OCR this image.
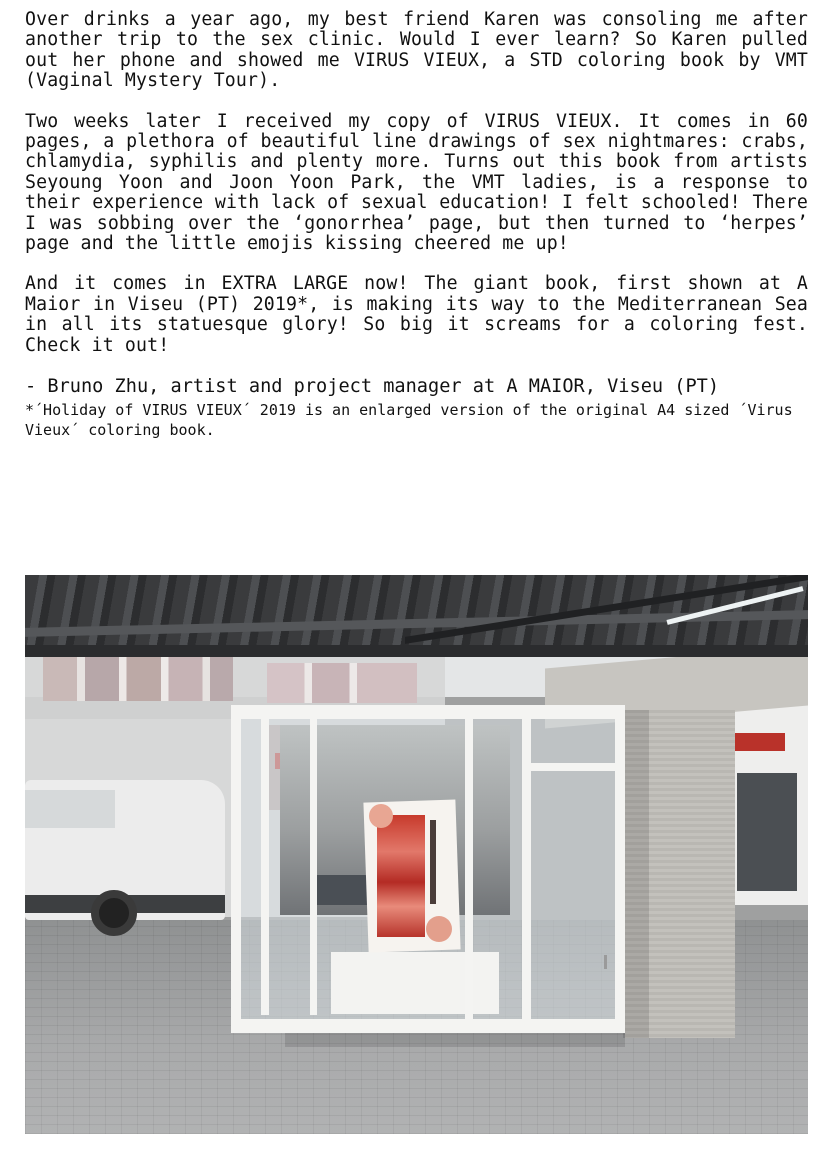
Over drinks a year ago, my best friend Karen was consoling me after another trip to the sex clinic. Would I ever learn? So Karen pulled out her phone and showed me VIRUS VIEUX, a STD coloring book by VMT (Vaginal Mystery Tour).

Two weeks later I received my copy of VIRUS VIEUX. It comes in 60 pages, a plethora of beautiful line drawings of sex nightmares: crabs, chlamydia, syphilis and plenty more. Turns out this book from artists Seyoung Yoon and Joon Yoon Park, the VMT ladies, is a response to their experience with lack of sexual education! I felt schooled! There I was sobbing over the ‘gonorrhea’ page, but then turned to ‘herpes’ page and the little emojis kissing cheered me up!

And it comes in EXTRA LARGE now! The giant book, first shown at A Maior in Viseu (PT) 2019*, is making its way to the Mediterranean Sea in all its statuesque glory! So big it screams for a coloring fest. Check it out!

- Bruno Zhu, artist and project manager at A MAIOR, Viseu (PT)

*´Holiday of VIRUS VIEUX´ 2019 is an enlarged version of the original A4 sized ´Virus Vieux´ coloring book.
